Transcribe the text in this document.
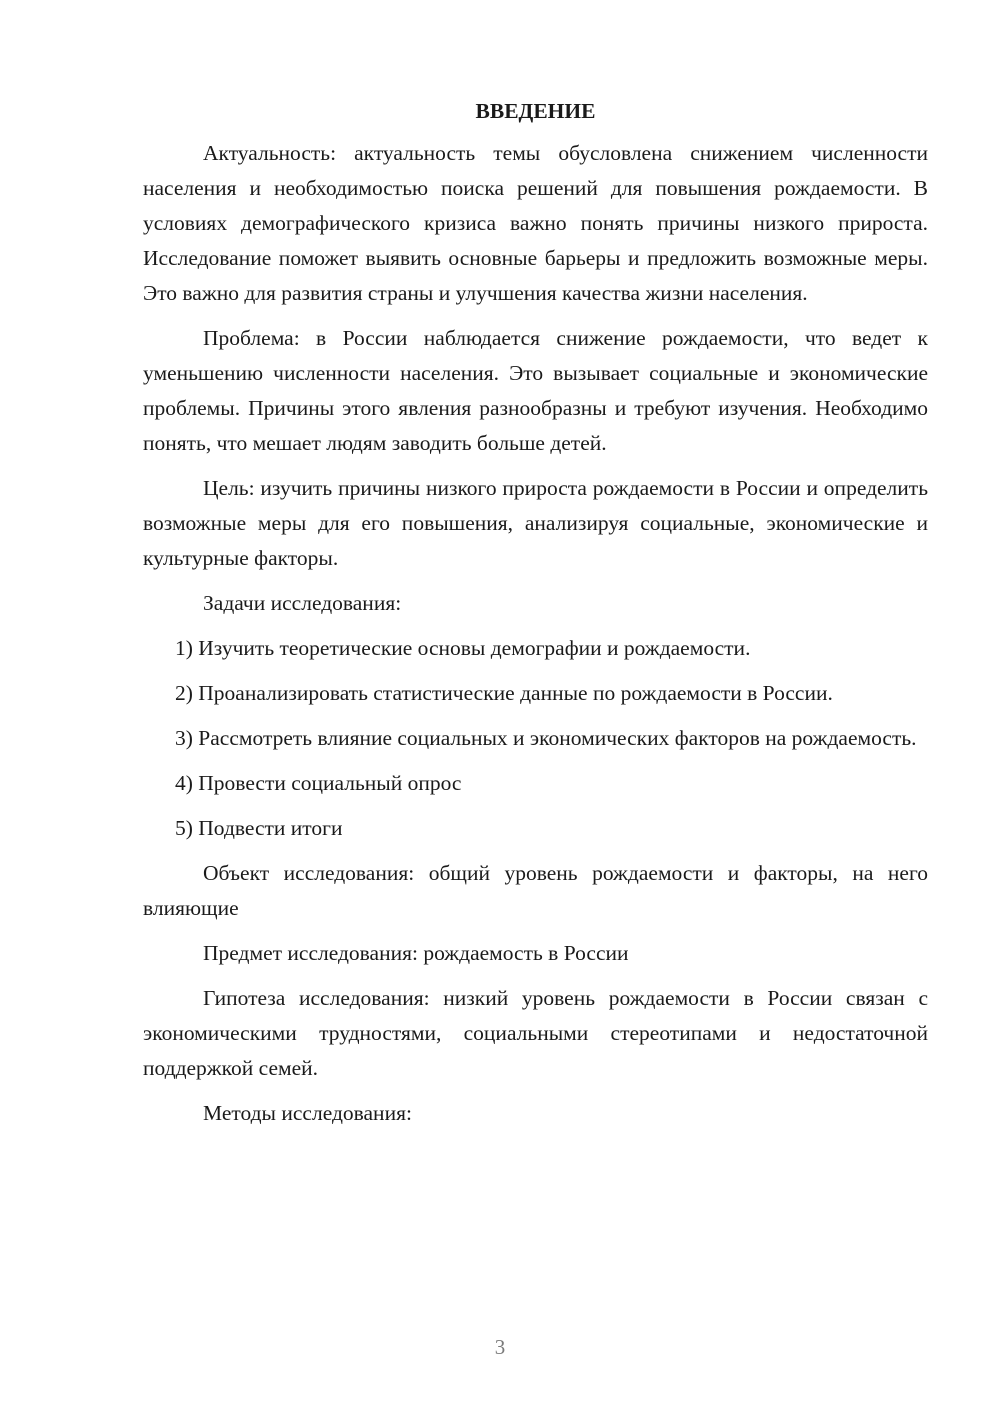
ВВЕДЕНИЕ

Актуальность: актуальность темы обусловлена снижением численности населения и необходимостью поиска решений для повышения рождаемости. В условиях демографического кризиса важно понять причины низкого прироста. Исследование поможет выявить основные барьеры и предложить возможные меры. Это важно для развития страны и улучшения качества жизни населения.

Проблема: в России наблюдается снижение рождаемости, что ведет к уменьшению численности населения. Это вызывает социальные и экономические проблемы. Причины этого явления разнообразны и требуют изучения. Необходимо понять, что мешает людям заводить больше детей.

Цель: изучить причины низкого прироста рождаемости в России и определить возможные меры для его повышения, анализируя социальные, экономические и культурные факторы.

Задачи исследования:

1) Изучить теоретические основы демографии и рождаемости.

2) Проанализировать статистические данные по рождаемости в России.

3) Рассмотреть влияние социальных и экономических факторов на рождаемость.

4) Провести социальный опрос

5) Подвести итоги

Объект исследования: общий уровень рождаемости и факторы, на него влияющие

Предмет исследования: рождаемость в России

Гипотеза исследования: низкий уровень рождаемости в России связан с экономическими трудностями, социальными стереотипами и недостаточной поддержкой семей.

Методы исследования:

3
